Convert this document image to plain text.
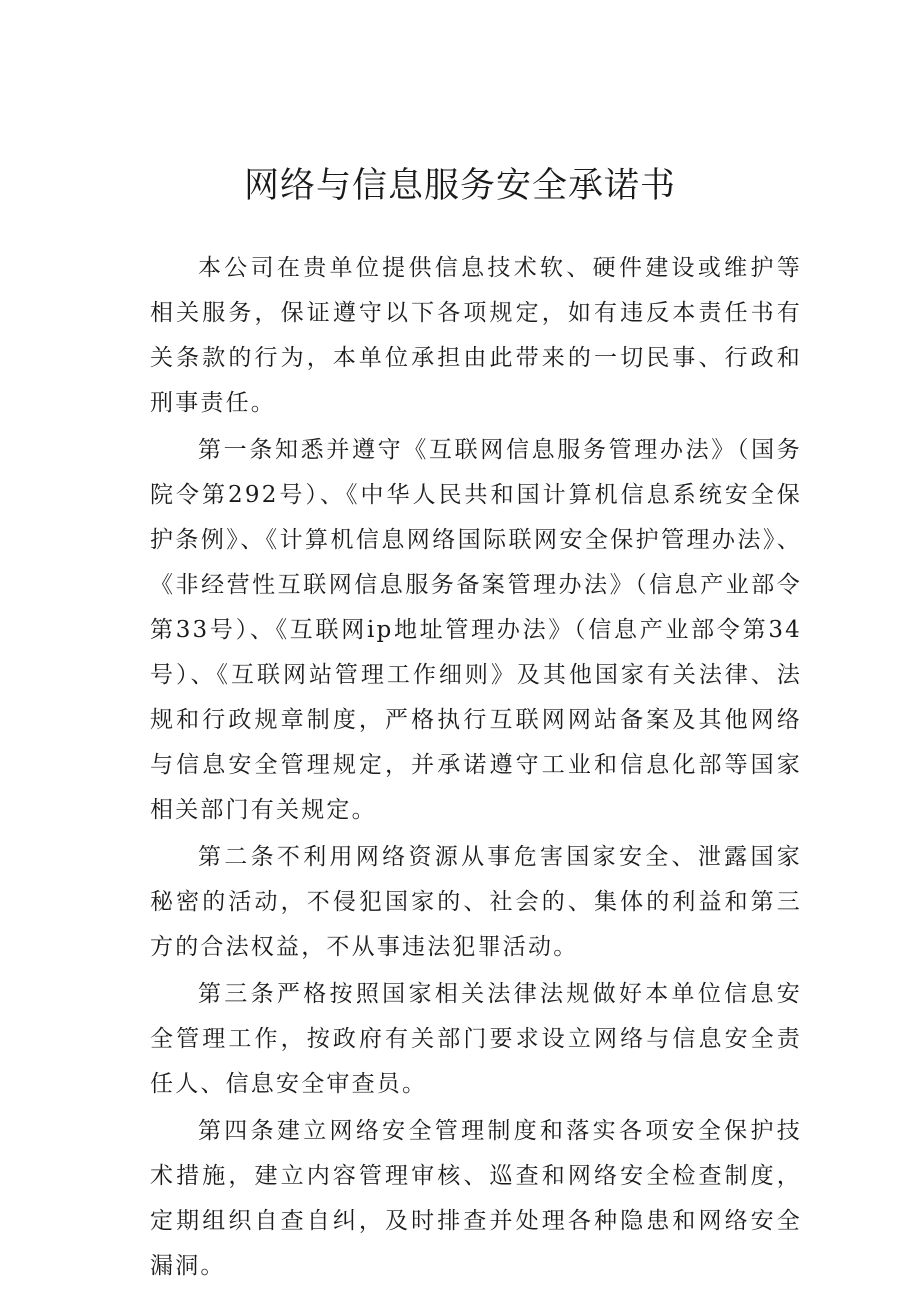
网络与信息服务安全承诺书

本公司在贵单位提供信息技术软、硬件建设或维护等相关服务，保证遵守以下各项规定，如有违反本责任书有关条款的行为，本单位承担由此带来的一切民事、行政和刑事责任。

第一条知悉并遵守《互联网信息服务管理办法》（国务院令第292号）、《中华人民共和国计算机信息系统安全保护条例》、《计算机信息网络国际联网安全保护管理办法》、《非经营性互联网信息服务备案管理办法》（信息产业部令第33号）、《互联网ip地址管理办法》（信息产业部令第34号）、《互联网站管理工作细则》及其他国家有关法律、法规和行政规章制度，严格执行互联网网站备案及其他网络与信息安全管理规定，并承诺遵守工业和信息化部等国家相关部门有关规定。

第二条不利用网络资源从事危害国家安全、泄露国家秘密的活动，不侵犯国家的、社会的、集体的利益和第三方的合法权益，不从事违法犯罪活动。

第三条严格按照国家相关法律法规做好本单位信息安全管理工作，按政府有关部门要求设立网络与信息安全责任人、信息安全审查员。

第四条建立网络安全管理制度和落实各项安全保护技术措施，建立内容管理审核、巡查和网络安全检查制度，定期组织自查自纠，及时排查并处理各种隐患和网络安全漏洞。
